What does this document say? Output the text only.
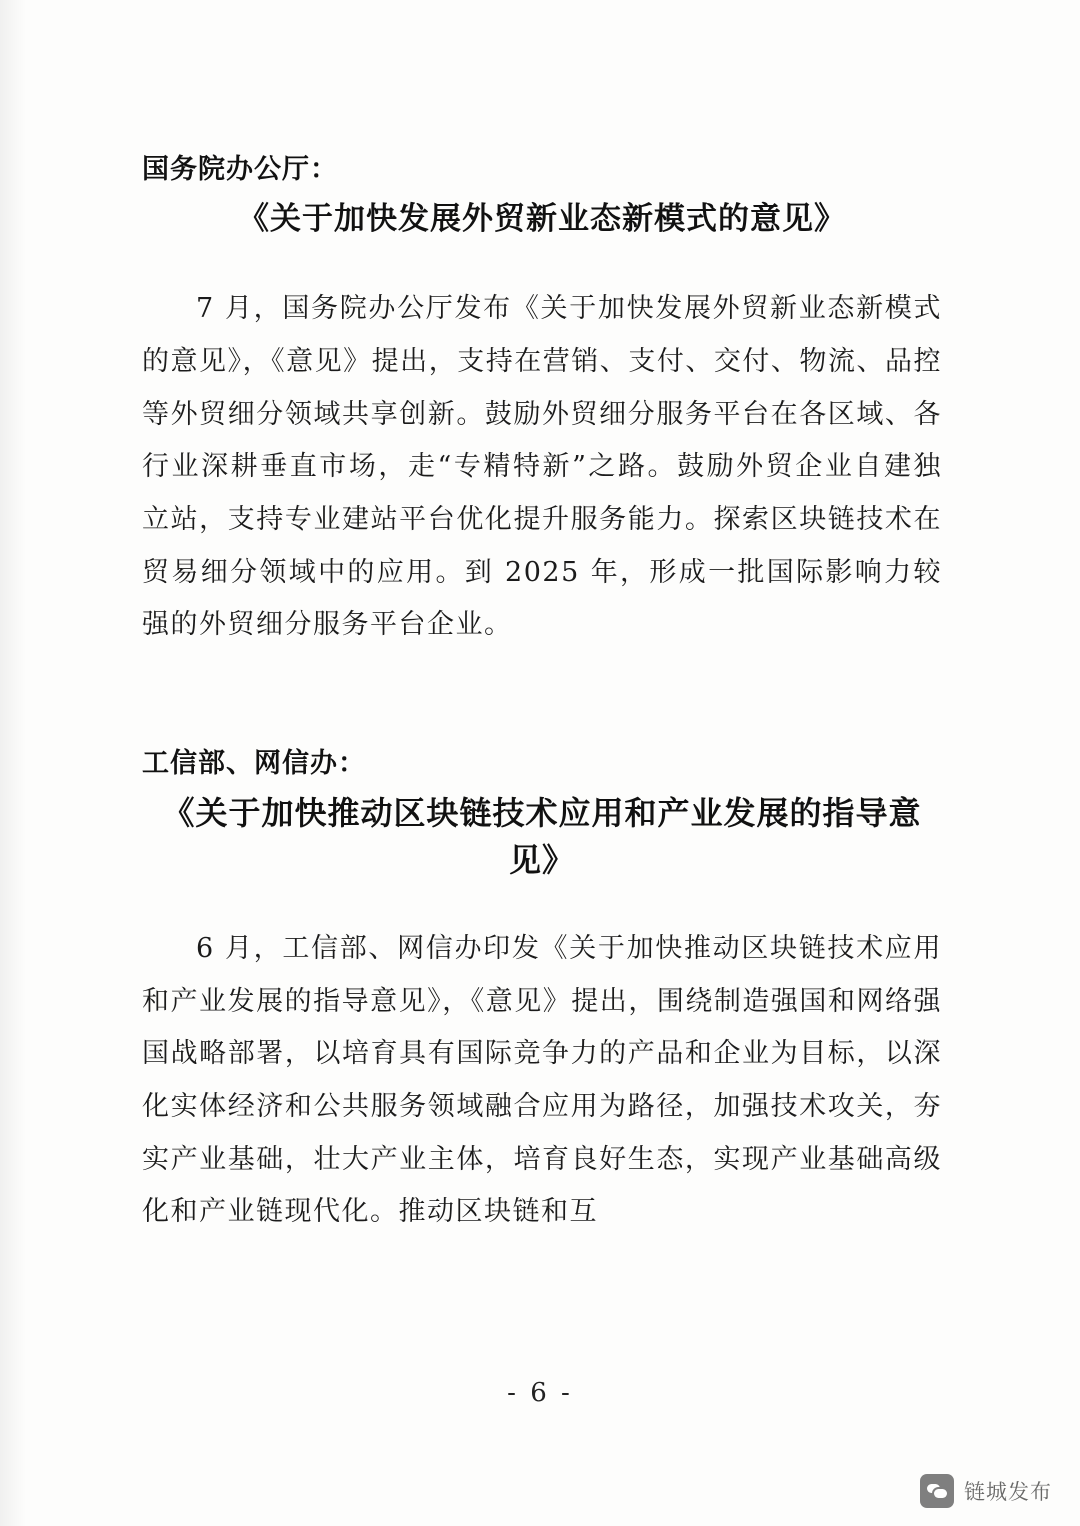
国务院办公厅：

《关于加快发展外贸新业态新模式的意见》

7 月，国务院办公厅发布《关于加快发展外贸新业态新模式的意见》，《意见》提出，支持在营销、支付、交付、物流、品控等外贸细分领域共享创新。鼓励外贸细分服务平台在各区域、各行业深耕垂直市场，走“专精特新”之路。鼓励外贸企业自建独立站，支持专业建站平台优化提升服务能力。探索区块链技术在贸易细分领域中的应用。到 2025 年，形成一批国际影响力较强的外贸细分服务平台企业。

工信部、网信办：

《关于加快推动区块链技术应用和产业发展的指导意见》

6 月，工信部、网信办印发《关于加快推动区块链技术应用和产业发展的指导意见》，《意见》提出，围绕制造强国和网络强国战略部署，以培育具有国际竞争力的产品和企业为目标，以深化实体经济和公共服务领域融合应用为路径，加强技术攻关，夯实产业基础，壮大产业主体，培育良好生态，实现产业基础高级化和产业链现代化。推动区块链和互

- 6 -
链城发布
